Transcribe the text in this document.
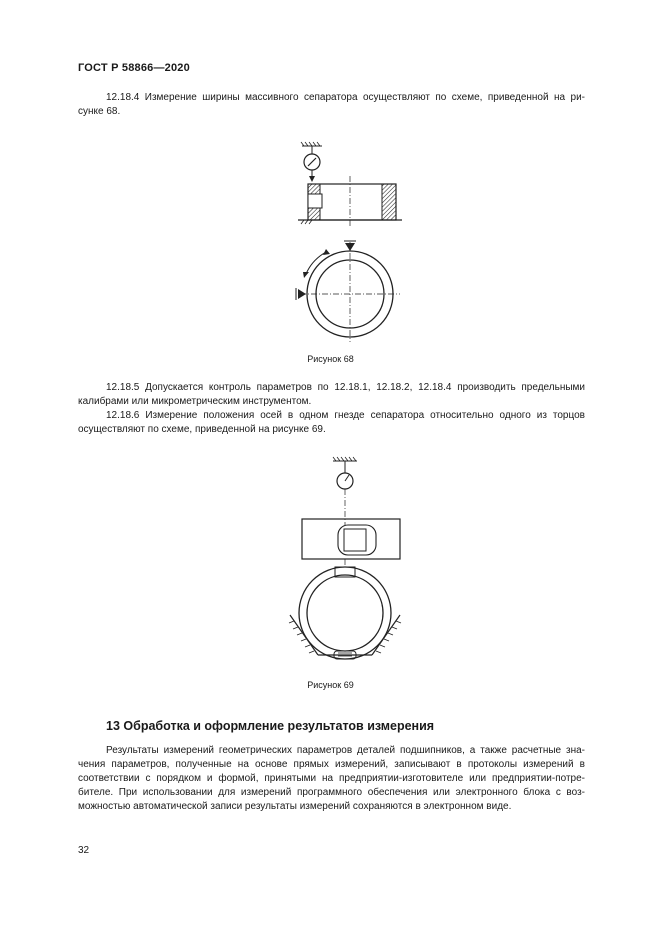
ГОСТ Р 58866—2020
12.18.4 Измерение ширины массивного сепаратора осуществляют по схеме, приведенной на ри-
сунке 68.
Рисунок 68
12.18.5 Допускается контроль параметров по 12.18.1, 12.18.2, 12.18.4 производить предельными
калибрами или микрометрическим инструментом.
12.18.6 Измерение положения осей в одном гнезде сепаратора относительно одного из торцов
осуществляют по схеме, приведенной на рисунке 69.
Рисунок 69
13 Обработка и оформление результатов измерения
Результаты измерений геометрических параметров деталей подшипников, а также расчетные зна-
чения параметров, полученные на основе прямых измерений, записывают в протоколы измерений в
соответствии с порядком и формой, принятыми на предприятии-изготовителе или предприятии-потре-
бителе. При использовании для измерений программного обеспечения или электронного блока с воз-
можностью автоматической записи результаты измерений сохраняются в электронном виде.
32
